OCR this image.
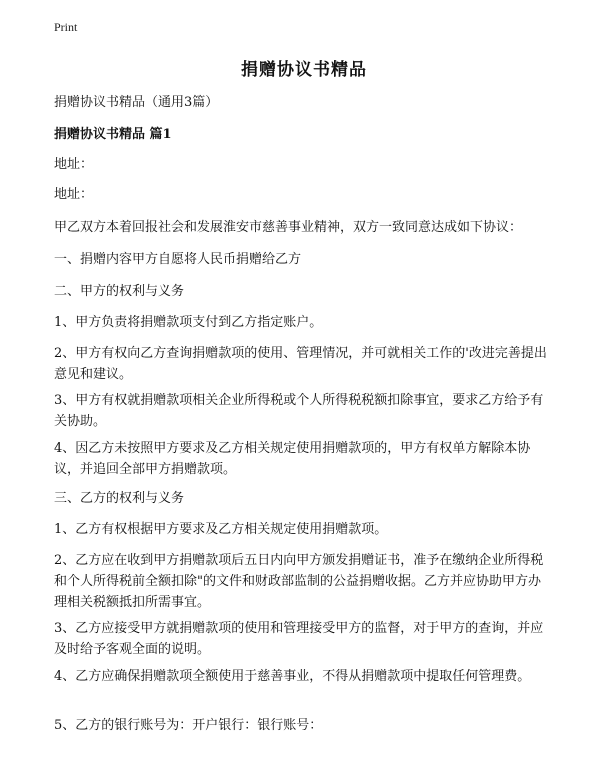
Print
捐赠协议书精品
捐赠协议书精品（通用3篇）
捐赠协议书精品 篇1
地址：
地址：
甲乙双方本着回报社会和发展淮安市慈善事业精神，双方一致同意达成如下协议：
一、捐赠内容甲方自愿将人民币捐赠给乙方
二、甲方的权利与义务
1、甲方负责将捐赠款项支付到乙方指定账户。
2、甲方有权向乙方查询捐赠款项的使用、管理情况，并可就相关工作的'改进完善提出意见和建议。
3、甲方有权就捐赠款项相关企业所得税或个人所得税税额扣除事宜，要求乙方给予有关协助。
4、因乙方未按照甲方要求及乙方相关规定使用捐赠款项的，甲方有权单方解除本协议，并追回全部甲方捐赠款项。
三、乙方的权利与义务
1、乙方有权根据甲方要求及乙方相关规定使用捐赠款项。
2、乙方应在收到甲方捐赠款项后五日内向甲方颁发捐赠证书，准予在缴纳企业所得税和个人所得税前全额扣除"的文件和财政部监制的公益捐赠收据。乙方并应协助甲方办理相关税额抵扣所需事宜。
3、乙方应接受甲方就捐赠款项的使用和管理接受甲方的监督，对于甲方的查询，并应及时给予客观全面的说明。
4、乙方应确保捐赠款项全额使用于慈善事业，不得从捐赠款项中提取任何管理费。
5、乙方的银行账号为：开户银行：银行账号：
